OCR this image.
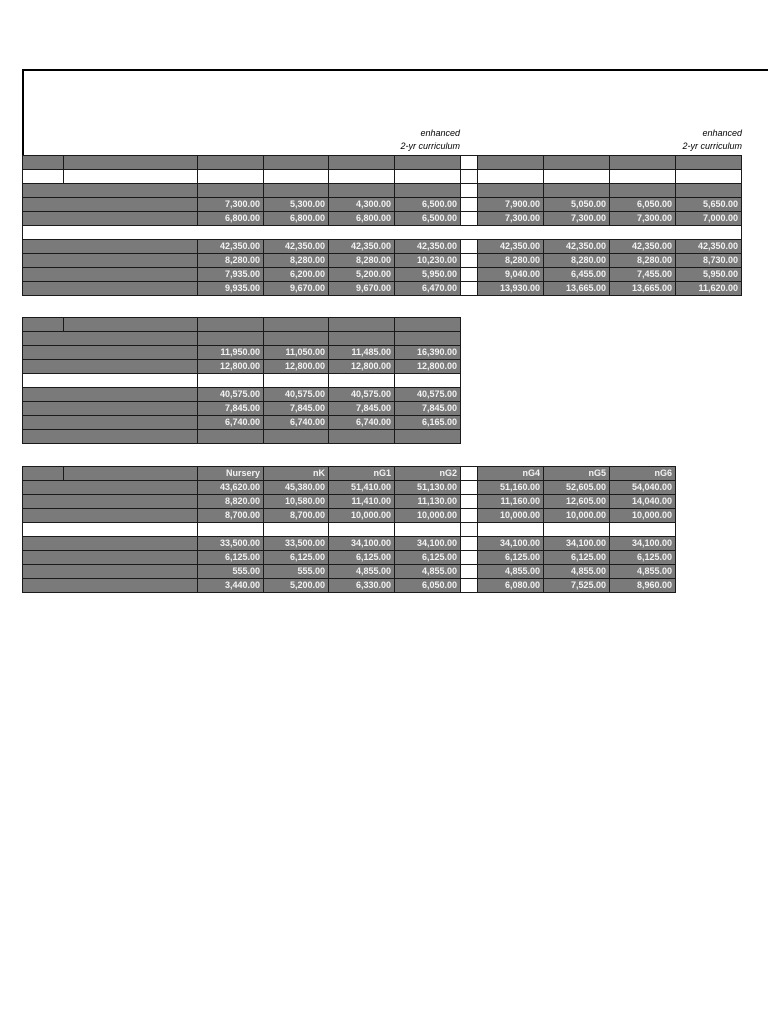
enhanced
2-yr curriculum
enhanced
2-yr curriculum

		7,300.00	5,300.00	4,300.00	6,500.00		7,900.00	5,050.00	6,050.00	5,650.00
		6,800.00	6,800.00	6,800.00	6,500.00		7,300.00	7,300.00	7,300.00	7,000.00

		42,350.00	42,350.00	42,350.00	42,350.00		42,350.00	42,350.00	42,350.00	42,350.00
		8,280.00	8,280.00	8,280.00	10,230.00		8,280.00	8,280.00	8,280.00	8,730.00
		7,935.00	6,200.00	5,200.00	5,950.00		9,040.00	6,455.00	7,455.00	5,950.00
		9,935.00	9,670.00	9,670.00	6,470.00		13,930.00	13,665.00	13,665.00	11,620.00

		11,950.00	11,050.00	11,485.00	16,390.00
		12,800.00	12,800.00	12,800.00	12,800.00

		40,575.00	40,575.00	40,575.00	40,575.00
		7,845.00	7,845.00	7,845.00	7,845.00
		6,740.00	6,740.00	6,740.00	6,165.00

		Nursery	nK	nG1	nG2		nG4	nG5	nG6
		43,620.00	45,380.00	51,410.00	51,130.00		51,160.00	52,605.00	54,040.00
		8,820.00	10,580.00	11,410.00	11,130.00		11,160.00	12,605.00	14,040.00
		8,700.00	8,700.00	10,000.00	10,000.00		10,000.00	10,000.00	10,000.00

		33,500.00	33,500.00	34,100.00	34,100.00		34,100.00	34,100.00	34,100.00
		6,125.00	6,125.00	6,125.00	6,125.00		6,125.00	6,125.00	6,125.00
		555.00	555.00	4,855.00	4,855.00		4,855.00	4,855.00	4,855.00
		3,440.00	5,200.00	6,330.00	6,050.00		6,080.00	7,525.00	8,960.00
